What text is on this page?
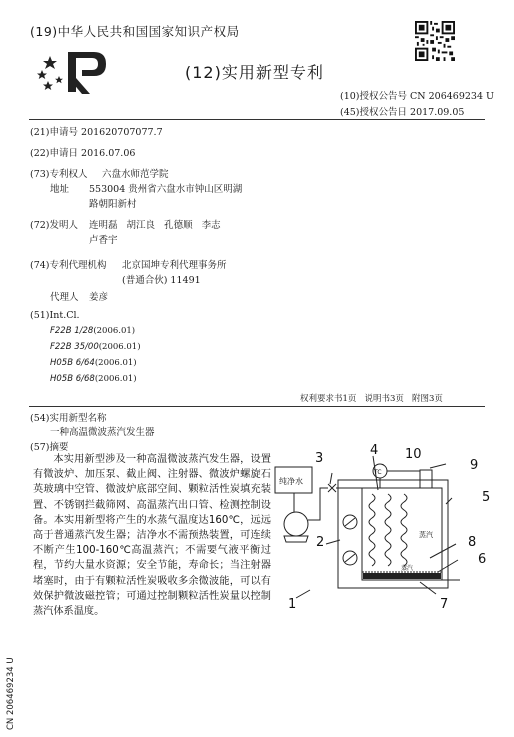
(19)中华人民共和国国家知识产权局
(12)实用新型专利
(10)授权公告号 CN 206469234 U
(45)授权公告日 2017.09.05
(21)申请号 201620707077.7
(22)申请日 2016.07.06
(73)专利权人 六盘水师范学院
地址 553004 贵州省六盘水市钟山区明湖
路朝阳新村
(72)发明人 连明磊   胡江良   孔德顺   李志
卢香宇
(74)专利代理机构 北京国坤专利代理事务所
(普通合伙) 11491
代理人 姜彦
(51)Int.Cl.
F22B 1/28(2006.01)
F22B 35/00(2006.01)
H05B 6/64(2006.01)
H05B 6/68(2006.01)
权利要求书1页   说明书3页   附图3页
(54)实用新型名称
一种高温微波蒸汽发生器
(57)摘要
本实用新型涉及一种高温微波蒸汽发生器，设置有微波炉、加压泵、截止阀、注射器、微波炉螺旋石英玻璃中空管、微波炉底部空间、颗粒活性炭填充装置、不锈钢拦截筛网、高温蒸汽出口管、检测控制设备。本实用新型将产生的水蒸气温度达160℃，远远高于普通蒸汽发生器；洁净水不需预热装置，可连续不断产生100-160℃高温蒸汽；不需要气液平衡过程，节约大量水资源；安全节能，寿命长；当注射器堵塞时，由于有颗粒活性炭吸收多余微波能，可以有效保护微波磁控管；可通过控制颗粒活性炭量以控制蒸汽体系温度。
纯净水
TC
蒸汽
蒸汽
1
2
3
4
5
6
7
8
9
10
CN 206469234 U
